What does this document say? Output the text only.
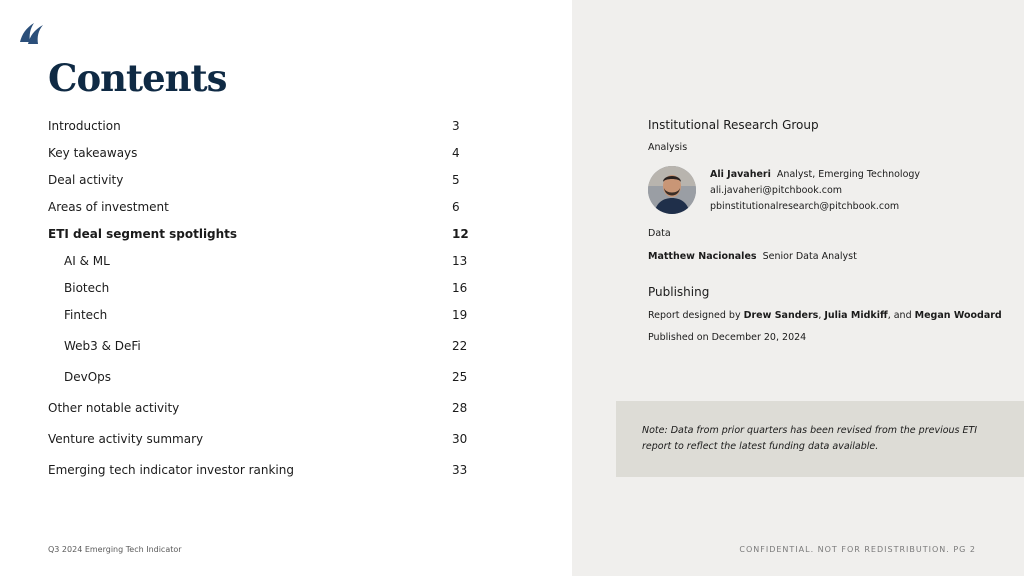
Contents
Introduction	3
Key takeaways	4
Deal activity	5
Areas of investment	6
ETI deal segment spotlights	12
AI & ML	13
Biotech	16
Fintech	19
Web3 & DeFi	22
DevOps	25
Other notable activity	28
Venture activity summary	30
Emerging tech indicator investor ranking	33
Institutional Research Group
Analysis
Ali Javaheri Analyst, Emerging Technology
ali.javaheri@pitchbook.com
pbinstitutionalresearch@pitchbook.com
Data
Matthew Nacionales Senior Data Analyst
Publishing
Report designed by Drew Sanders, Julia Midkiff, and Megan Woodard
Published on December 20, 2024
Note: Data from prior quarters has been revised from the previous ETI report to reflect the latest funding data available.
Q3 2024 Emerging Tech Indicator	CONFIDENTIAL. NOT FOR REDISTRIBUTION. PG 2
